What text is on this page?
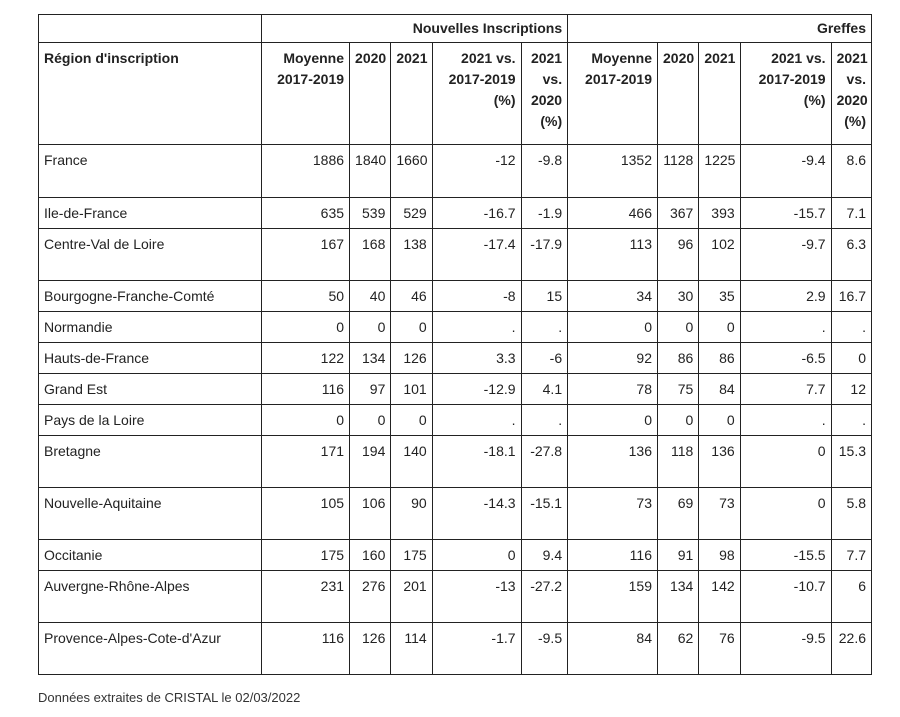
	Nouvelles Inscriptions					Greffes				
Région d'inscription	Moyenne 2017-2019	2020	2021	2021 vs. 2017-2019 (%)	2021 vs. 2020 (%)	Moyenne 2017-2019	2020	2021	2021 vs. 2017-2019 (%)	2021 vs. 2020 (%)
France	1886	1840	1660	-12	-9.8	1352	1128	1225	-9.4	8.6
Ile-de-France	635	539	529	-16.7	-1.9	466	367	393	-15.7	7.1
Centre-Val de Loire	167	168	138	-17.4	-17.9	113	96	102	-9.7	6.3
Bourgogne-Franche-Comté	50	40	46	-8	15	34	30	35	2.9	16.7
Normandie	0	0	0	.	.	0	0	0	.	.
Hauts-de-France	122	134	126	3.3	-6	92	86	86	-6.5	0
Grand Est	116	97	101	-12.9	4.1	78	75	84	7.7	12
Pays de la Loire	0	0	0	.	.	0	0	0	.	.
Bretagne	171	194	140	-18.1	-27.8	136	118	136	0	15.3
Nouvelle-Aquitaine	105	106	90	-14.3	-15.1	73	69	73	0	5.8
Occitanie	175	160	175	0	9.4	116	91	98	-15.5	7.7
Auvergne-Rhône-Alpes	231	276	201	-13	-27.2	159	134	142	-10.7	6
Provence-Alpes-Cote-d'Azur	116	126	114	-1.7	-9.5	84	62	76	-9.5	22.6
Données extraites de CRISTAL le 02/03/2022
